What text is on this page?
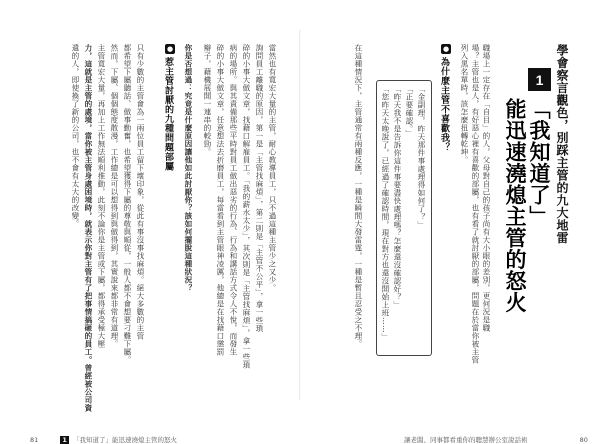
1 學會察言觀色，別踩主管的九大地雷
「我知道了」
能迅速澆熄主管的怒火
職場上一定存在「自目」的人，父母對自己的孩子尚有大小眼的差別，更何況是職
場？主管也是人，有好惡心裡有喜歡的部屬，也有看了就討厭的部屬，問題在於當你被主管
列入黑名單時，該怎麼扭轉乾坤。
●
為什麼主管不喜歡我？
「金副理，昨天那件事處理得如何了？」
「正要確認。」
「昨天我不是告訴你這件事要盡快處理嗎？怎麼還沒確認好？」
「您昨天太晚說了，已經過了確認時間，現在對方也還沒開始上班……」
在這種情況下，主管通常有兩種反應，一種是瞬間大發雷霆，一種是暫且忍受之不理。
讓老闆、同事都看重你的聰慧辦公室說話術	80
當然也有寬宏大量的主管，耐心教導員工，只不過這種主管少之又少。
詢問員工離職的原因，第一是「主管找麻煩」，第二則是「主管不公平」，拿一些瑣
碎的小事大做文章，找藉口解雇員工。「我的薪水太少」，其次則是「主管找麻煩」，拿一些瑣
病的場所。與其責備那些平時對員工做出惡劣的行為、行為和講話方式令人不悅，而發生
碎的小事大做文章，任意想法去折磨員工，每當看到主管眼神凌厲，他總是在找藉口懲罰
辮子，藉機展開一連串的較勁。
你是否想過：究竟是什麼原因讓他如此討厭你？該如何擺脫這種狀況？
●
惹主管討厭的九種問題部屬
只有少數的主管會為一兩位員工留下壞印象，從此有事沒事找麻煩。絕大多數的主管
都希望下屬聽話、做事勤奮，也希望獲得下屬的尊敬與順從，一般人都不會想要刁難下屬。
然而，下屬、個個態度散漫，工作總是可以想得到與做得到，其實說來都非常有道理。
主管寬宏大量，再加上工作無法順利推動，此刻不論你是主管或下屬，都得承受極大壓
力，這就是主管的處境，當你被主管身處困境時，就表示你對主管有了把事情搞砸的員工。曾經被公司資
遣的人，即使換了新的公司，也不會有太大的改變。
81	1 「我知道了」能迅速澆熄主管的怒火
